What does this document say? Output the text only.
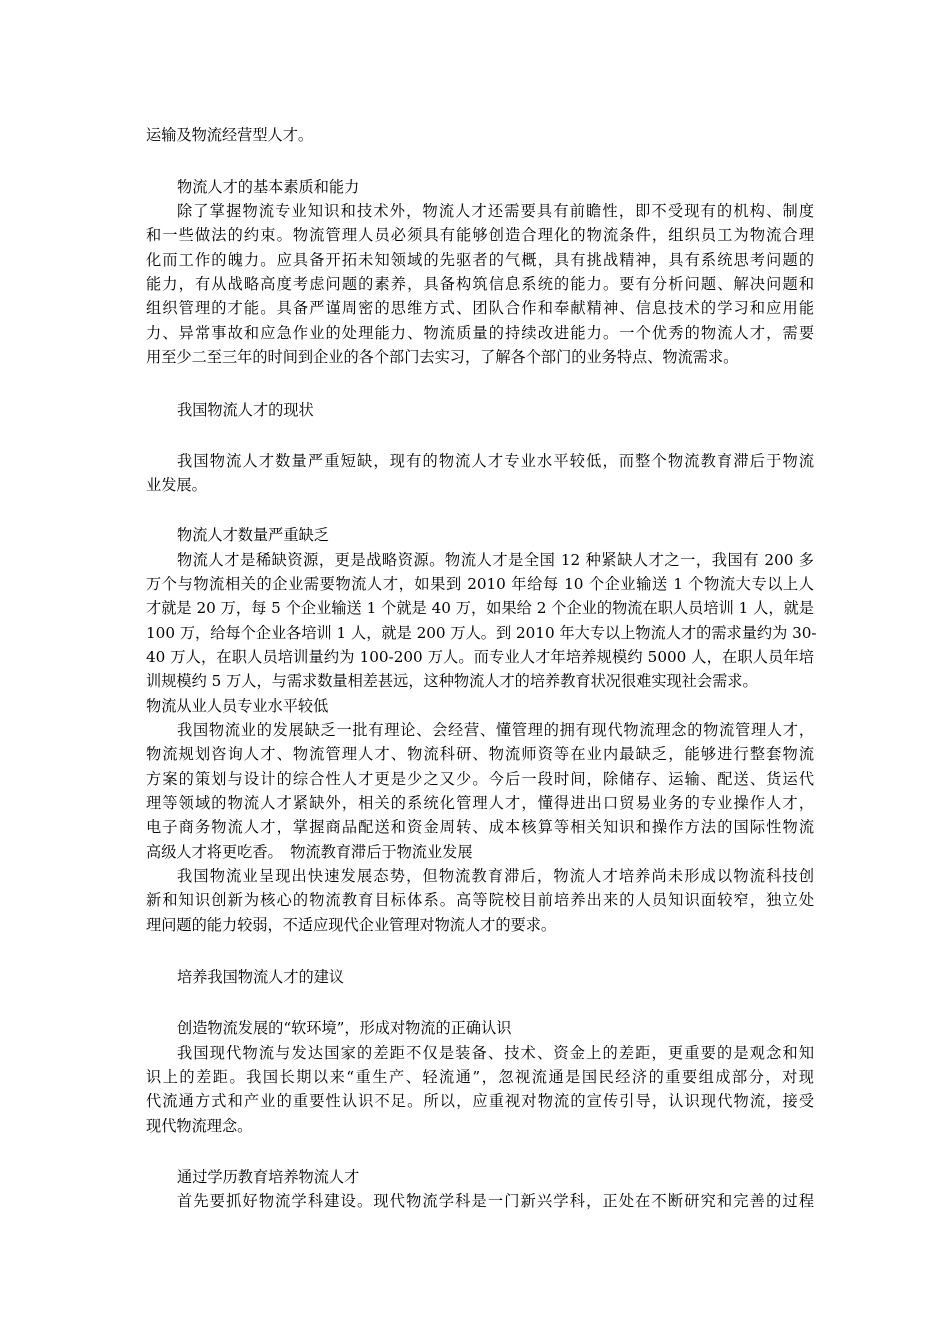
运输及物流经营型人才。
物流人才的基本素质和能力
除了掌握物流专业知识和技术外，物流人才还需要具有前瞻性，即不受现有的机构、制度
和一些做法的约束。物流管理人员必须具有能够创造合理化的物流条件，组织员工为物流合理
化而工作的魄力。应具备开拓未知领域的先驱者的气概，具有挑战精神，具有系统思考问题的
能力，有从战略高度考虑问题的素养，具备构筑信息系统的能力。要有分析问题、解决问题和
组织管理的才能。具备严谨周密的思维方式、团队合作和奉献精神、信息技术的学习和应用能
力、异常事故和应急作业的处理能力、物流质量的持续改进能力。一个优秀的物流人才，需要
用至少二至三年的时间到企业的各个部门去实习，了解各个部门的业务特点、物流需求。
我国物流人才的现状
我国物流人才数量严重短缺，现有的物流人才专业水平较低，而整个物流教育滞后于物流
业发展。
物流人才数量严重缺乏
物流人才是稀缺资源，更是战略资源。物流人才是全国 12 种紧缺人才之一，我国有 200 多
万个与物流相关的企业需要物流人才，如果到 2010 年给每 10 个企业输送 1 个物流大专以上人
才就是 20 万，每 5 个企业输送 1 个就是 40 万，如果给 2 个企业的物流在职人员培训 1 人，就是
100 万，给每个企业各培训 1 人，就是 200 万人。到 2010 年大专以上物流人才的需求量约为 30-
40 万人，在职人员培训量约为 100-200 万人。而专业人才年培养规模约 5000 人，在职人员年培
训规模约 5 万人，与需求数量相差甚远，这种物流人才的培养教育状况很难实现社会需求。
物流从业人员专业水平较低
我国物流业的发展缺乏一批有理论、会经营、懂管理的拥有现代物流理念的物流管理人才，
物流规划咨询人才、物流管理人才、物流科研、物流师资等在业内最缺乏，能够进行整套物流
方案的策划与设计的综合性人才更是少之又少。今后一段时间，除储存、运输、配送、货运代
理等领域的物流人才紧缺外，相关的系统化管理人才，懂得进出口贸易业务的专业操作人才，
电子商务物流人才，掌握商品配送和资金周转、成本核算等相关知识和操作方法的国际性物流
高级人才将更吃香。　物流教育滞后于物流业发展
我国物流业呈现出快速发展态势，但物流教育滞后，物流人才培养尚未形成以物流科技创
新和知识创新为核心的物流教育目标体系。高等院校目前培养出来的人员知识面较窄，独立处
理问题的能力较弱，不适应现代企业管理对物流人才的要求。
培养我国物流人才的建议
创造物流发展的“软环境”，形成对物流的正确认识
我国现代物流与发达国家的差距不仅是装备、技术、资金上的差距，更重要的是观念和知
识上的差距。我国长期以来“重生产、轻流通”，忽视流通是国民经济的重要组成部分，对现
代流通方式和产业的重要性认识不足。所以，应重视对物流的宣传引导，认识现代物流，接受
现代物流理念。
通过学历教育培养物流人才
首先要抓好物流学科建设。现代物流学科是一门新兴学科，正处在不断研究和完善的过程
